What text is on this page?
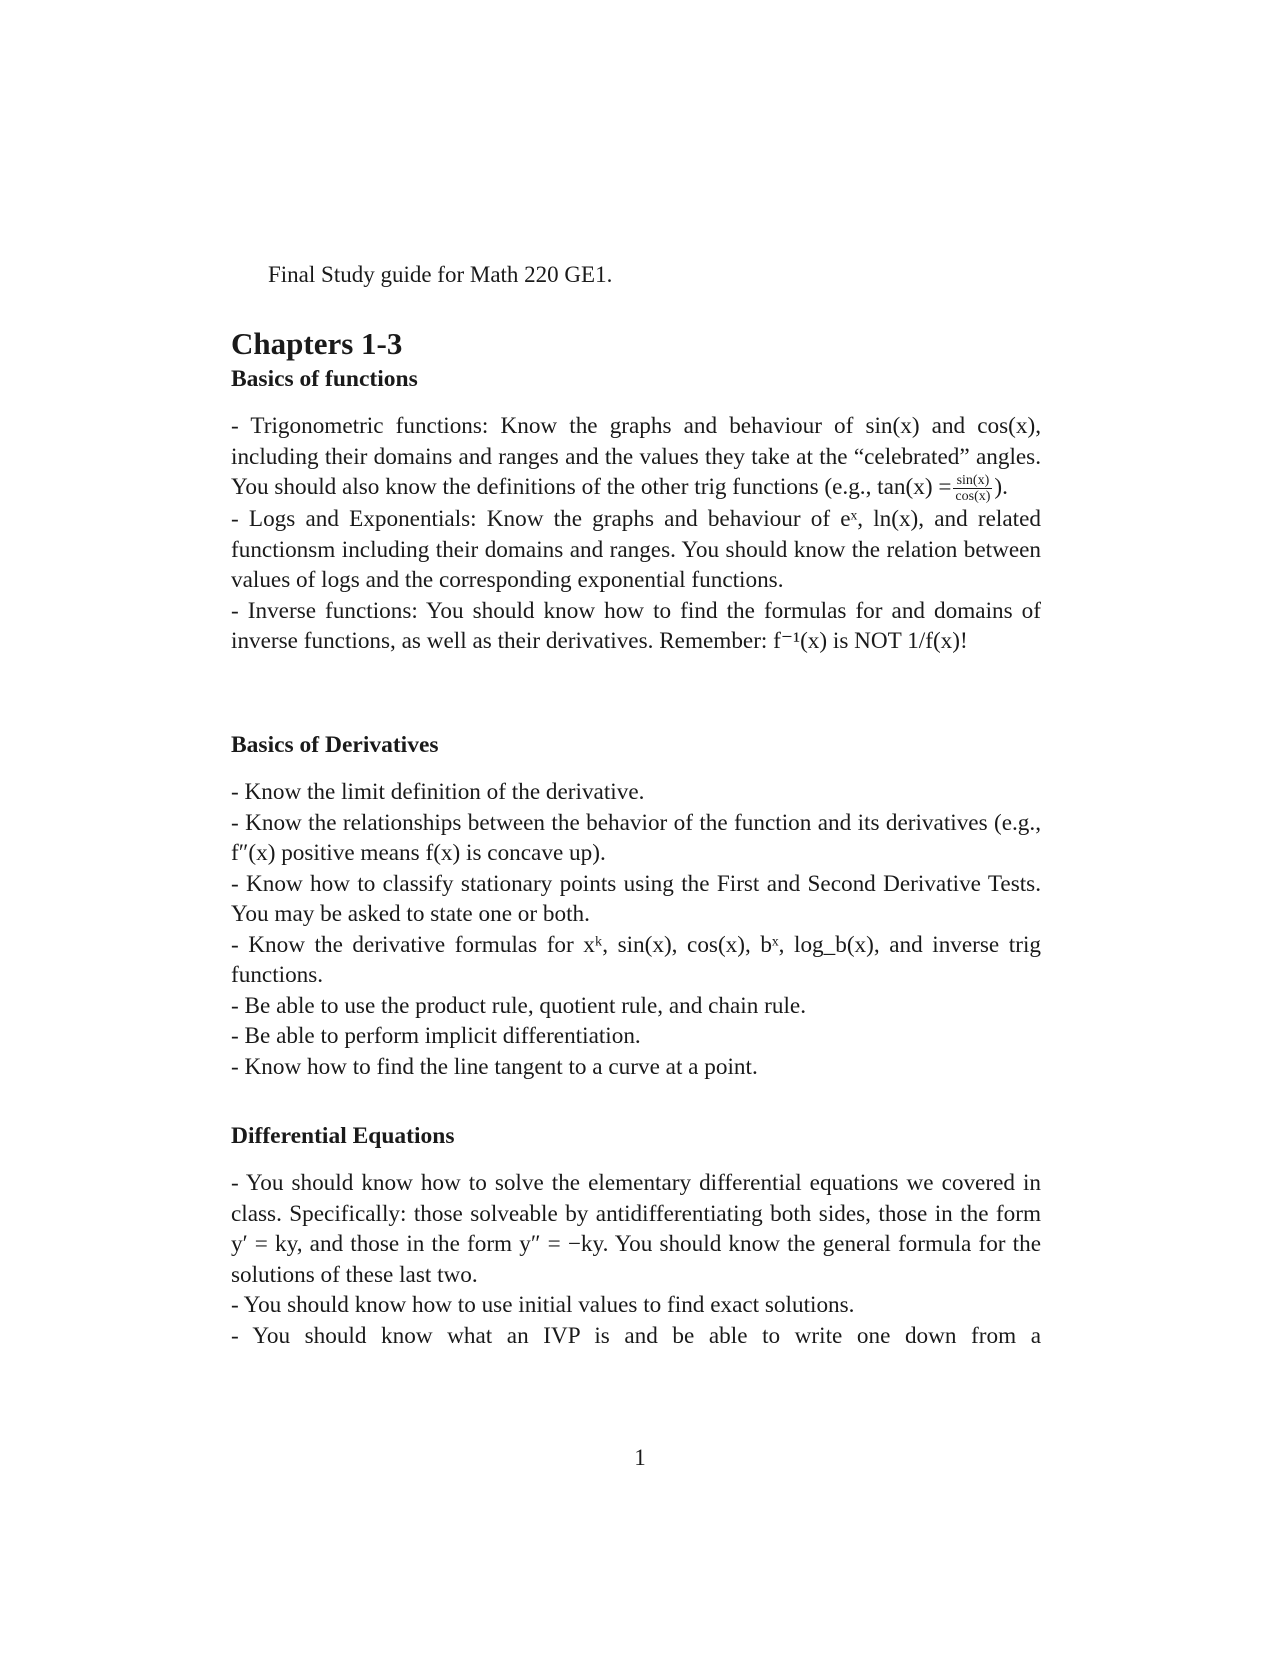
Final Study guide for Math 220 GE1.
Chapters 1-3
Basics of functions

- Trigonometric functions: Know the graphs and behaviour of sin(x) and cos(x), including their domains and ranges and the values they take at the “celebrated” angles. You should also know the definitions of the other trig functions (e.g., $\tan(x) = \frac{\sin(x)}{\cos(x)}$ ).

- Logs and Exponentials: Know the graphs and behaviour of eˣ, ln(x), and related functionsm including their domains and ranges. You should know the relation between values of logs and the corresponding exponential functions.

- Inverse functions: You should know how to find the formulas for and domains of inverse functions, as well as their derivatives. Remember: f⁻¹(x) is NOT 1/f(x)!

Basics of Derivatives

- Know the limit definition of the derivative.

- Know the relationships between the behavior of the function and its derivatives (e.g., f″(x) positive means f(x) is concave up).

- Know how to classify stationary points using the First and Second Derivative Tests. You may be asked to state one or both.

- Know the derivative formulas for xᵏ, sin(x), cos(x), bˣ, log_b(x), and inverse trig functions.

- Be able to use the product rule, quotient rule, and chain rule.

- Be able to perform implicit differentiation.

- Know how to find the line tangent to a curve at a point.

Differential Equations

- You should know how to solve the elementary differential equations we covered in class. Specifically: those solveable by antidifferentiating both sides, those in the form y′ = ky, and those in the form y″ = −ky. You should know the general formula for the solutions of these last two.

- You should know how to use initial values to find exact solutions.

- You should know what an IVP is and be able to write one down from a

1
